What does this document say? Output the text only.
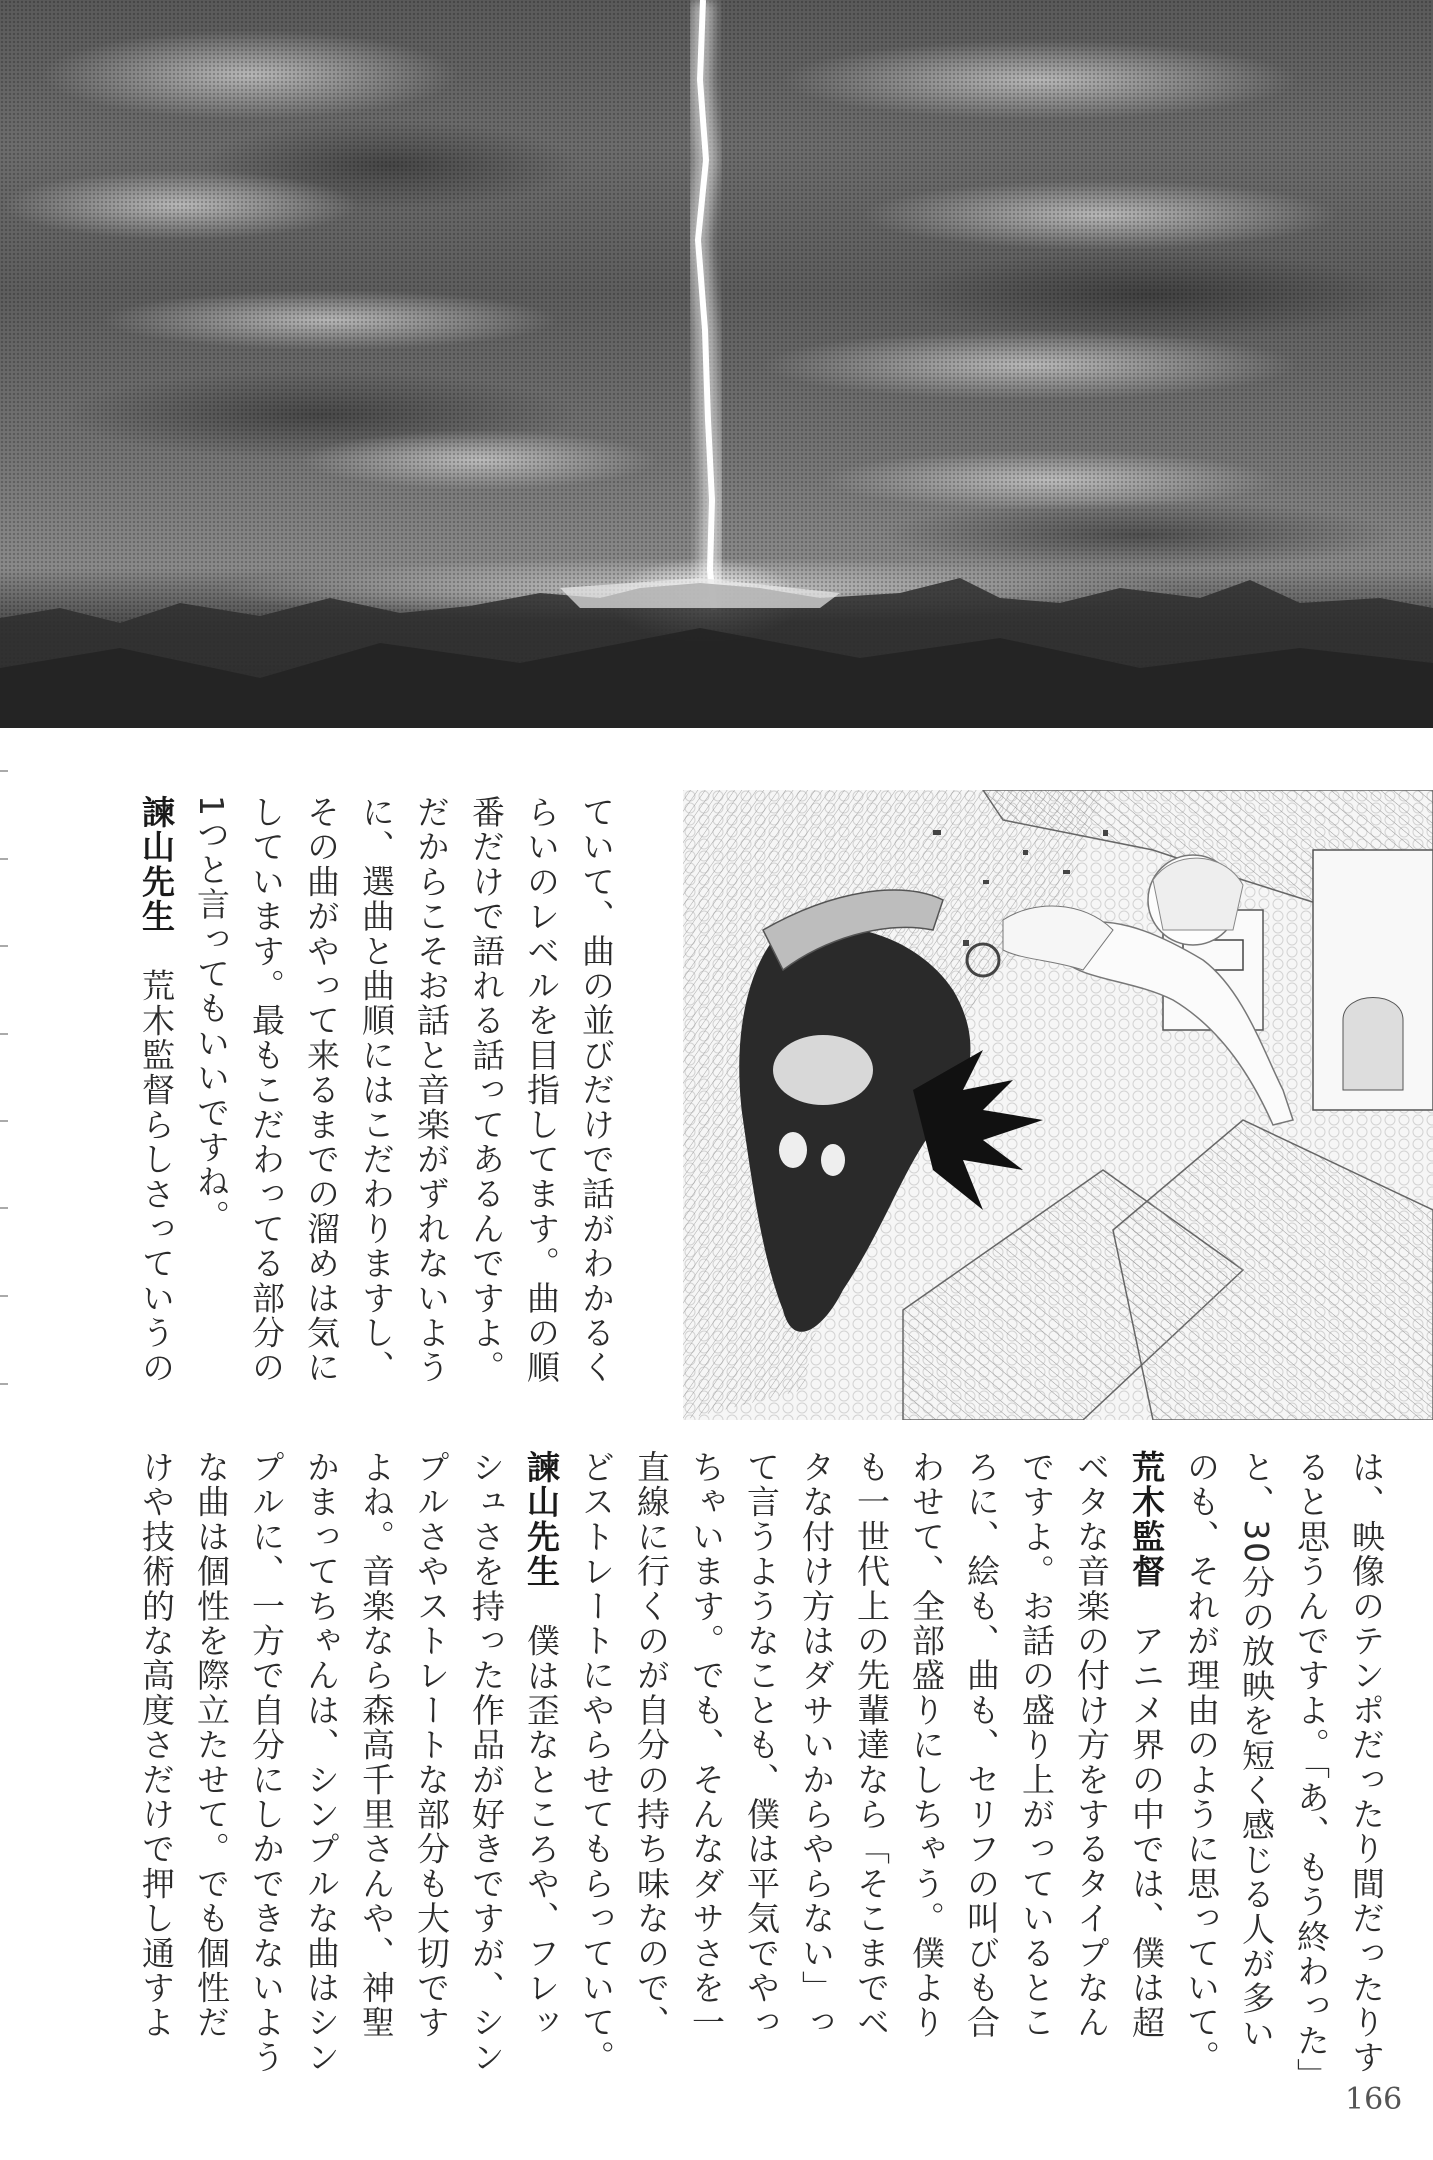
ていて、曲の並びだけで話がわかるく
らいのレベルを目指してます。曲の順
番だけで語れる話ってあるんですよ。
だからこそお話と音楽がずれないよう
に、選曲と曲順にはこだわりますし、
その曲がやって来るまでの溜めは気に
しています。最もこだわってる部分の
1つと言ってもいいですね。
諫山先生　荒木監督らしさっていうの
は、映像のテンポだったり間だったりす
ると思うんですよ。「あ、もう終わった」
と、30分の放映を短く感じる人が多い
のも、それが理由のように思っていて。
荒木監督　アニメ界の中では、僕は超
ベタな音楽の付け方をするタイプなん
ですよ。お話の盛り上がっているとこ
ろに、絵も、曲も、セリフの叫びも合
わせて、全部盛りにしちゃう。僕より
も一世代上の先輩達なら「そこまでベ
タな付け方はダサいからやらない」っ
て言うようなことも、僕は平気でやっ
ちゃいます。でも、そんなダサさを一
直線に行くのが自分の持ち味なので、
どストレートにやらせてもらっていて。
諫山先生　僕は歪なところや、フレッ
シュさを持った作品が好きですが、シン
プルさやストレートな部分も大切です
よね。音楽なら森高千里さんや、神聖
かまってちゃんは、シンプルな曲はシン
プルに、一方で自分にしかできないよう
な曲は個性を際立たせて。でも個性だ
けや技術的な高度さだけで押し通すよ
166
